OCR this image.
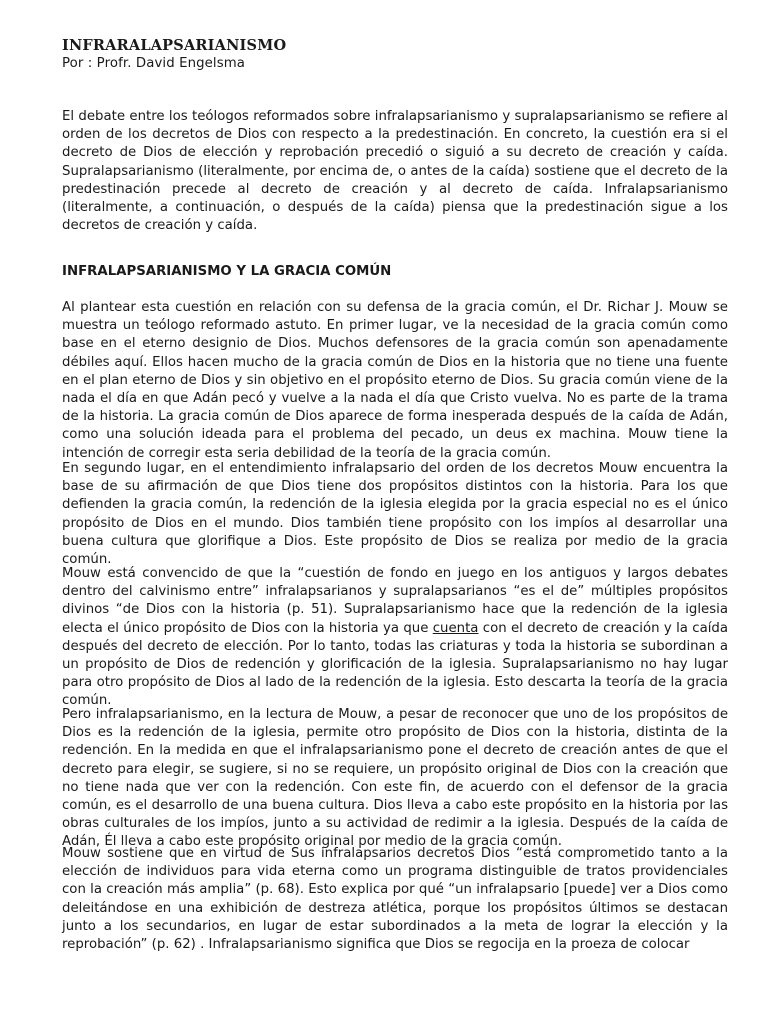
INFRARALAPSARIANISMO
Por : Profr. David Engelsma

El debate entre los teólogos reformados sobre infralapsarianismo y supralapsarianismo se refiere al orden de los decretos de Dios con respecto a la predestinación. En concreto, la cuestión era si el decreto de Dios de elección y reprobación precedió o siguió a su decreto de creación y caída. Supralapsarianismo (literalmente, por encima de, o antes de la caída) sostiene que el decreto de la predestinación precede al decreto de creación y al decreto de caída. Infralapsarianismo (literalmente, a continuación, o después de la caída) piensa que la predestinación sigue a los decretos de creación y caída.

INFRALAPSARIANISMO Y LA GRACIA COMÚN

Al plantear esta cuestión en relación con su defensa de la gracia común, el Dr. Richar J. Mouw se muestra un teólogo reformado astuto. En primer lugar, ve la necesidad de la gracia común como base en el eterno designio de Dios. Muchos defensores de la gracia común son apenadamente débiles aquí. Ellos hacen mucho de la gracia común de Dios en la historia que no tiene una fuente en el plan eterno de Dios y sin objetivo en el propósito eterno de Dios. Su gracia común viene de la nada el día en que Adán pecó y vuelve a la nada el día que Cristo vuelva. No es parte de la trama de la historia. La gracia común de Dios aparece de forma inesperada después de la caída de Adán, como una solución ideada para el problema del pecado, un deus ex machina. Mouw tiene la intención de corregir esta seria debilidad de la teoría de la gracia común.

En segundo lugar, en el entendimiento infralapsario del orden de los decretos Mouw encuentra la base de su afirmación de que Dios tiene dos propósitos distintos con la historia. Para los que defienden la gracia común, la redención de la iglesia elegida por la gracia especial no es el único propósito de Dios en el mundo. Dios también tiene propósito con los impíos al desarrollar una buena cultura que glorifique a Dios. Este propósito de Dios se realiza por medio de la gracia común.

Mouw está convencido de que la “cuestión de fondo en juego en los antiguos y largos debates dentro del calvinismo entre” infralapsarianos y supralapsarianos “es el de” múltiples propósitos divinos “de Dios con la historia (p. 51). Supralapsarianismo hace que la redención de la iglesia electa el único propósito de Dios con la historia ya que cuenta con el decreto de creación y la caída después del decreto de elección. Por lo tanto, todas las criaturas y toda la historia se subordinan a un propósito de Dios de redención y glorificación de la iglesia. Supralapsarianismo no hay lugar para otro propósito de Dios al lado de la redención de la iglesia. Esto descarta la teoría de la gracia común.

Pero infralapsarianismo, en la lectura de Mouw, a pesar de reconocer que uno de los propósitos de Dios es la redención de la iglesia, permite otro propósito de Dios con la historia, distinta de la redención. En la medida en que el infralapsarianismo pone el decreto de creación antes de que el decreto para elegir, se sugiere, si no se requiere, un propósito original de Dios con la creación que no tiene nada que ver con la redención. Con este fin, de acuerdo con el defensor de la gracia común, es el desarrollo de una buena cultura. Dios lleva a cabo este propósito en la historia por las obras culturales de los impíos, junto a su actividad de redimir a la iglesia. Después de la caída de Adán, Él lleva a cabo este propósito original por medio de la gracia común.

Mouw sostiene que en virtud de Sus infralapsarios decretos Dios “está comprometido tanto a la elección de individuos para vida eterna como un programa distinguible de tratos providenciales con la creación más amplia” (p. 68). Esto explica por qué “un infralapsario [puede] ver a Dios como deleitándose en una exhibición de destreza atlética, porque los propósitos últimos se destacan junto a los secundarios, en lugar de estar subordinados a la meta de lograr la elección y la reprobación” (p. 62) . Infralapsarianismo significa que Dios se regocija en la proeza de colocar
